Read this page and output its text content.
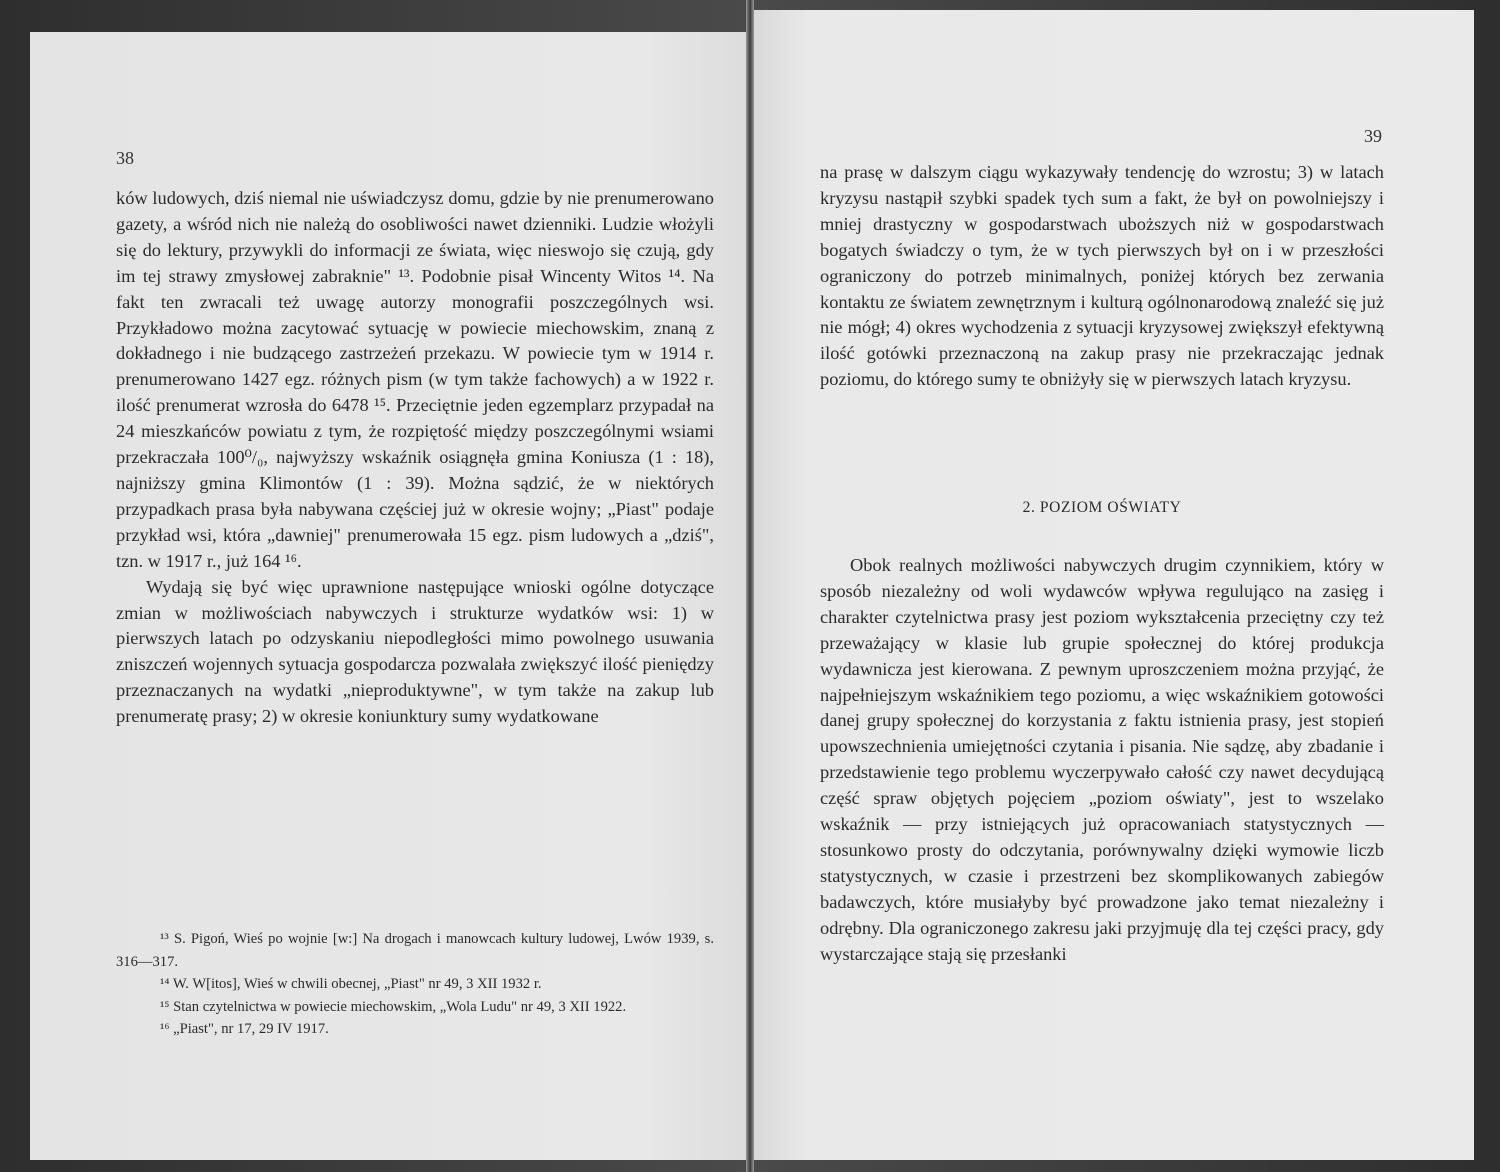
38

ków ludowych, dziś niemal nie uświadczysz domu, gdzie by nie prenumerowano gazety, a wśród nich nie należą do osobliwości nawet dzienniki. Ludzie włożyli się do lektury, przywykli do informacji ze świata, więc nieswojo się czują, gdy im tej strawy zmysłowej zabraknie" ¹³. Podobnie pisał Wincenty Witos ¹⁴. Na fakt ten zwracali też uwagę autorzy monografii poszczególnych wsi. Przykładowo można zacytować sytuację w powiecie miechowskim, znaną z dokładnego i nie budzącego zastrzeżeń przekazu. W powiecie tym w 1914 r. prenumerowano 1427 egz. różnych pism (w tym także fachowych) a w 1922 r. ilość prenumerat wzrosła do 6478 ¹⁵. Przeciętnie jeden egzemplarz przypadał na 24 mieszkańców powiatu z tym, że rozpiętość między poszczególnymi wsiami przekraczała 100⁰/₀, najwyższy wskaźnik osiągnęła gmina Koniusza (1 : 18), najniższy gmina Klimontów (1 : 39). Można sądzić, że w niektórych przypadkach prasa była nabywana częściej już w okresie wojny; „Piast" podaje przykład wsi, która „dawniej" prenumerowała 15 egz. pism ludowych a „dziś", tzn. w 1917 r., już 164 ¹⁶.

Wydają się być więc uprawnione następujące wnioski ogólne dotyczące zmian w możliwościach nabywczych i strukturze wydatków wsi: 1) w pierwszych latach po odzyskaniu niepodległości mimo powolnego usuwania zniszczeń wojennych sytuacja gospodarcza pozwalała zwiększyć ilość pieniędzy przeznaczanych na wydatki „nieproduktywne", w tym także na zakup lub prenumeratę prasy; 2) w okresie koniunktury sumy wydatkowane

¹³ S. Pigoń, Wieś po wojnie [w:] Na drogach i manowcach kultury ludowej, Lwów 1939, s. 316—317.

¹⁴ W. W[itos], Wieś w chwili obecnej, „Piast" nr 49, 3 XII 1932 r.

¹⁵ Stan czytelnictwa w powiecie miechowskim, „Wola Ludu" nr 49, 3 XII 1922.

¹⁶ „Piast", nr 17, 29 IV 1917.

39

na prasę w dalszym ciągu wykazywały tendencję do wzrostu; 3) w latach kryzysu nastąpił szybki spadek tych sum a fakt, że był on powolniejszy i mniej drastyczny w gospodarstwach uboższych niż w gospodarstwach bogatych świadczy o tym, że w tych pierwszych był on i w przeszłości ograniczony do potrzeb minimalnych, poniżej których bez zerwania kontaktu ze światem zewnętrznym i kulturą ogólnonarodową znaleźć się już nie mógł; 4) okres wychodzenia z sytuacji kryzysowej zwiększył efektywną ilość gotówki przeznaczoną na zakup prasy nie przekraczając jednak poziomu, do którego sumy te obniżyły się w pierwszych latach kryzysu.

2. POZIOM OŚWIATY

Obok realnych możliwości nabywczych drugim czynnikiem, który w sposób niezależny od woli wydawców wpływa regulująco na zasięg i charakter czytelnictwa prasy jest poziom wykształcenia przeciętny czy też przeważający w klasie lub grupie społecznej do której produkcja wydawnicza jest kierowana. Z pewnym uproszczeniem można przyjąć, że najpełniejszym wskaźnikiem tego poziomu, a więc wskaźnikiem gotowości danej grupy społecznej do korzystania z faktu istnienia prasy, jest stopień upowszechnienia umiejętności czytania i pisania. Nie sądzę, aby zbadanie i przedstawienie tego problemu wyczerpywało całość czy nawet decydującą część spraw objętych pojęciem „poziom oświaty", jest to wszelako wskaźnik — przy istniejących już opracowaniach statystycznych — stosunkowo prosty do odczytania, porównywalny dzięki wymowie liczb statystycznych, w czasie i przestrzeni bez skomplikowanych zabiegów badawczych, które musiałyby być prowadzone jako temat niezależny i odrębny. Dla ograniczonego zakresu jaki przyjmuję dla tej części pracy, gdy wystarczające stają się przesłanki
